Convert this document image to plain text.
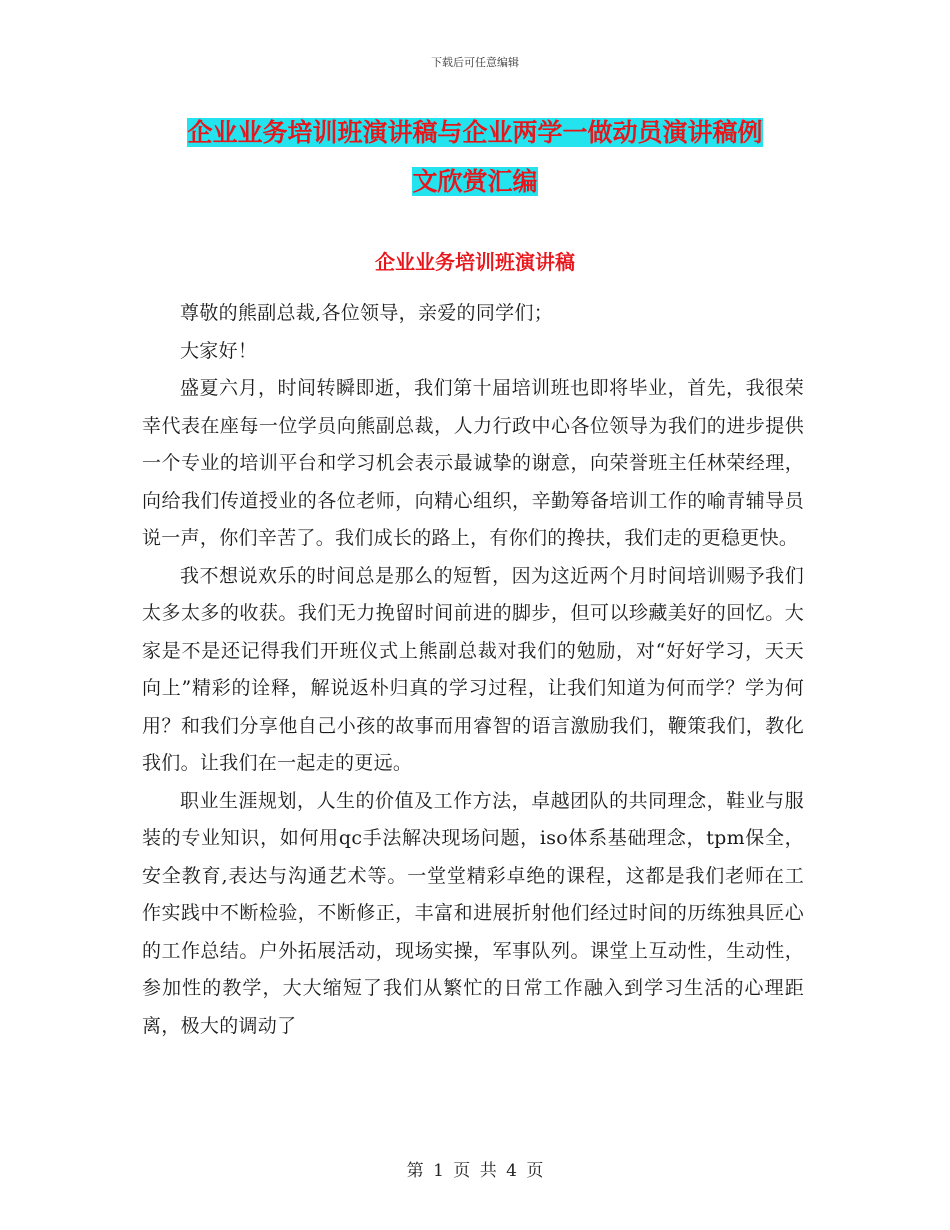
下载后可任意编辑
企业业务培训班演讲稿与企业两学一做动员演讲稿例
文欣赏汇编
企业业务培训班演讲稿

尊敬的熊副总裁,各位领导，亲爱的同学们；

大家好！

盛夏六月，时间转瞬即逝，我们第十届培训班也即将毕业，首先，我很荣幸代表在座每一位学员向熊副总裁，人力行政中心各位领导为我们的进步提供一个专业的培训平台和学习机会表示最诚挚的谢意，向荣誉班主任林荣经理，向给我们传道授业的各位老师，向精心组织，辛勤筹备培训工作的喻青辅导员说一声，你们辛苦了。我们成长的路上，有你们的搀扶，我们走的更稳更快。

我不想说欢乐的时间总是那么的短暂，因为这近两个月时间培训赐予我们太多太多的收获。我们无力挽留时间前进的脚步，但可以珍藏美好的回忆。大家是不是还记得我们开班仪式上熊副总裁对我们的勉励，对“好好学习，天天向上”精彩的诠释，解说返朴归真的学习过程，让我们知道为何而学？学为何用？和我们分享他自己小孩的故事而用睿智的语言激励我们，鞭策我们，教化我们。让我们在一起走的更远。

职业生涯规划，人生的价值及工作方法，卓越团队的共同理念，鞋业与服装的专业知识，如何用qc手法解决现场问题，iso体系基础理念，tpm保全，安全教育,表达与沟通艺术等。一堂堂精彩卓绝的课程，这都是我们老师在工作实践中不断检验，不断修正，丰富和进展折射他们经过时间的历练独具匠心的工作总结。户外拓展活动，现场实操，军事队列。课堂上互动性，生动性，参加性的教学，大大缩短了我们从繁忙的日常工作融入到学习生活的心理距离，极大的调动了

第 1 页 共 4 页
